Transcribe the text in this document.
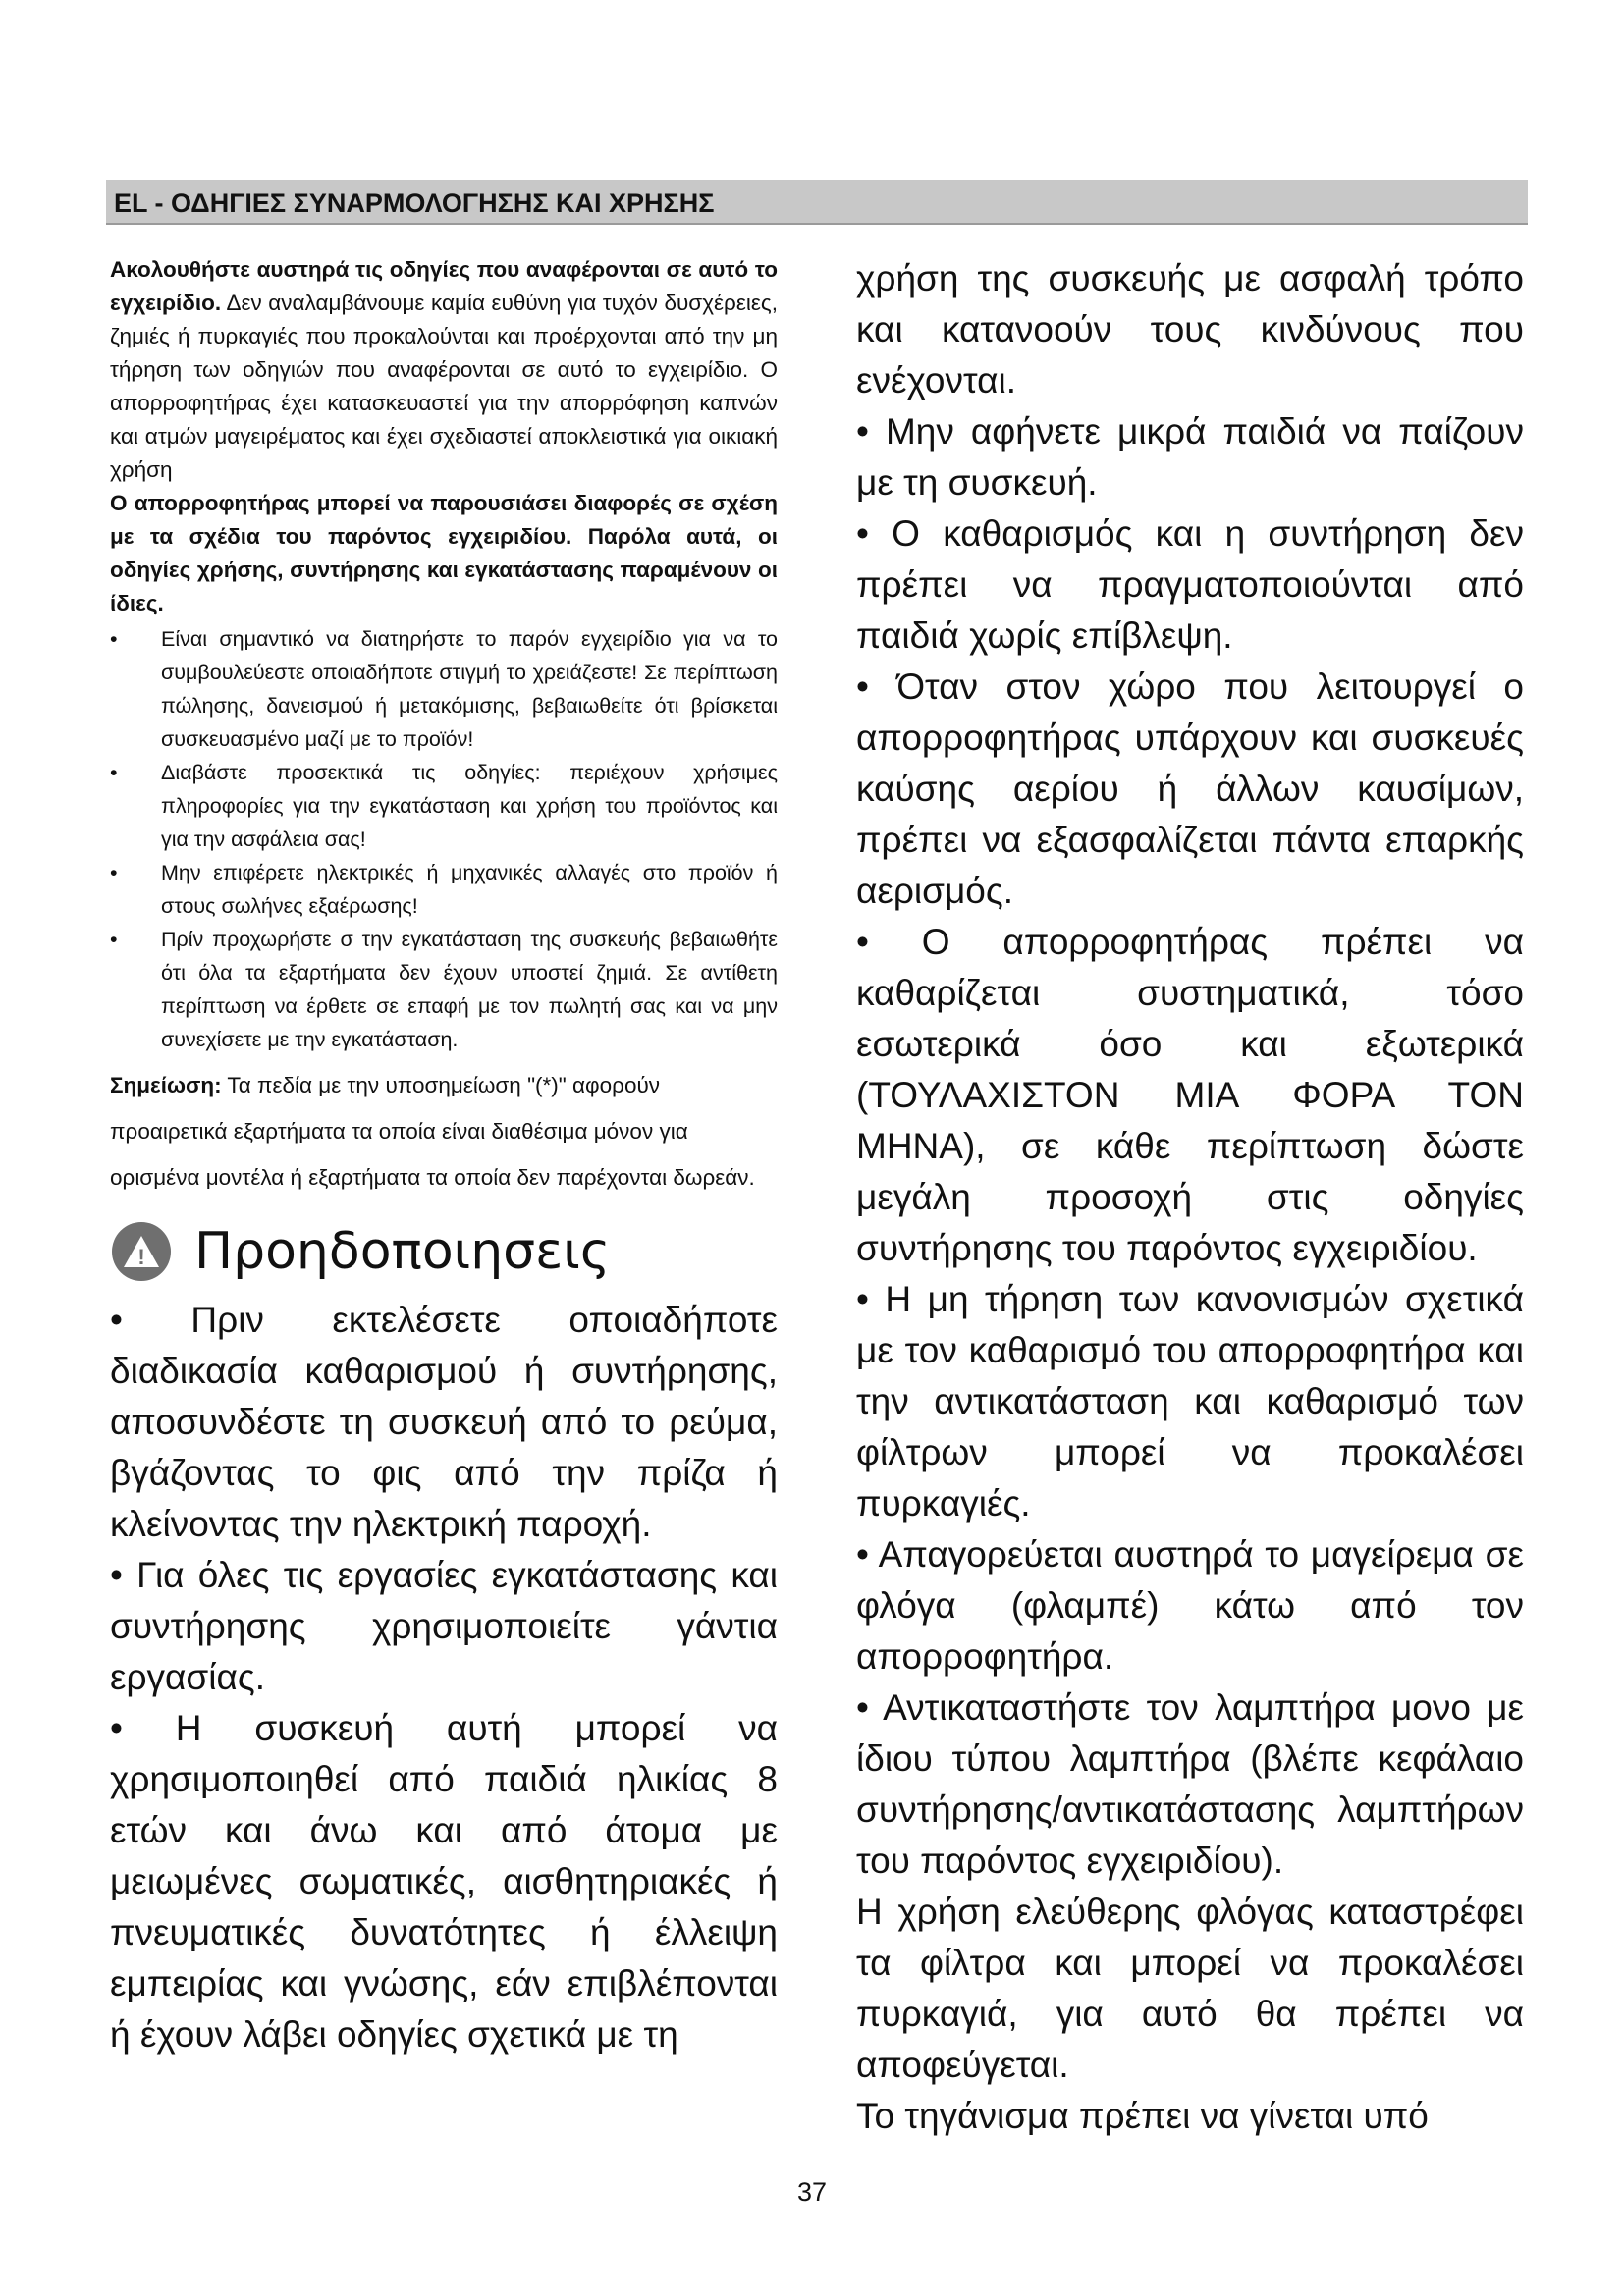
EL - ΟΔΗΓΙΕΣ ΣΥΝΑΡΜΟΛΟΓΗΣΗΣ ΚΑΙ ΧΡΗΣΗΣ

Ακολουθήστε αυστηρά τις οδηγίες που αναφέρονται σε αυτό το εγχειρίδιο. Δεν αναλαμβάνουμε καμία ευθύνη για τυχόν δυσχέρειες, ζημιές ή πυρκαγιές που προκαλούνται και προέρχονται από την μη τήρηση των οδηγιών που αναφέρονται σε αυτό το εγχειρίδιο. Ο απορροφητήρας έχει κατασκευαστεί για την απορρόφηση καπνών και ατμών μαγειρέματος και έχει σχεδιαστεί αποκλειστικά για οικιακή χρήση

Ο απορροφητήρας μπορεί να παρουσιάσει διαφορές σε σχέση με τα σχέδια του παρόντος εγχειριδίου. Παρόλα αυτά, οι οδηγίες χρήσης, συντήρησης και εγκατάστασης παραμένουν οι ίδιες.

• Είναι σημαντικό να διατηρήστε το παρόν εγχειρίδιο για να το συμβουλεύεστε οποιαδήποτε στιγμή το χρειάζεστε! Σε περίπτωση πώλησης, δανεισμού ή μετακόμισης, βεβαιωθείτε ότι βρίσκεται συσκευασμένο μαζί με το προϊόν!
• Διαβάστε προσεκτικά τις οδηγίες: περιέχουν χρήσιμες πληροφορίες για την εγκατάσταση και χρήση του προϊόντος και για την ασφάλεια σας!
• Μην επιφέρετε ηλεκτρικές ή μηχανικές αλλαγές στο προϊόν ή στους σωλήνες εξαέρωσης!
• Πρίν προχωρήστε σ την εγκατάσταση της συσκευής βεβαιωθήτε ότι όλα τα εξαρτήματα δεν έχουν υποστεί ζημιά. Σε αντίθετη περίπτωση να έρθετε σε επαφή με τον πωλητή σας και να μην συνεχίσετε με την εγκατάσταση.

Σημείωση: Τα πεδία με την υποσημείωση "(*)" αφορούν προαιρετικά εξαρτήματα τα οποία είναι διαθέσιμα μόνον για ορισμένα μοντέλα ή εξαρτήματα τα οποία δεν παρέχονται δωρεάν.

! Προηδοποιησεις

• Πριν εκτελέσετε οποιαδήποτε διαδικασία καθαρισμού ή συντήρησης, αποσυνδέστε τη συσκευή από το ρεύμα, βγάζοντας το φις από την πρίζα ή κλείνοντας την ηλεκτρική παροχή.

• Για όλες τις εργασίες εγκατάστασης και συντήρησης χρησιμοποιείτε γάντια εργασίας.

• Η συσκευή αυτή μπορεί να χρησιμοποιηθεί από παιδιά ηλικίας 8 ετών και άνω και από άτομα με μειωμένες σωματικές, αισθητηριακές ή πνευματικές δυνατότητες ή έλλειψη εμπειρίας και γνώσης, εάν επιβλέπονται ή έχουν λάβει οδηγίες σχετικά με τη

χρήση της συσκευής με ασφαλή τρόπο και κατανοούν τους κινδύνους που ενέχονται.

• Μην αφήνετε μικρά παιδιά να παίζουν με τη συσκευή.

• Ο καθαρισμός και η συντήρηση δεν πρέπει να πραγματοποιούνται από παιδιά χωρίς επίβλεψη.

• Όταν στον χώρο που λειτουργεί ο απορροφητήρας υπάρχουν και συσκευές καύσης αερίου ή άλλων καυσίμων, πρέπει να εξασφαλίζεται πάντα επαρκής αερισμός.

• Ο απορροφητήρας πρέπει να καθαρίζεται συστηματικά, τόσο εσωτερικά όσο και εξωτερικά (ΤΟΥΛΑΧΙΣΤΟΝ ΜΙΑ ΦΟΡΑ ΤΟΝ ΜΗΝΑ), σε κάθε περίπτωση δώστε μεγάλη προσοχή στις οδηγίες συντήρησης του παρόντος εγχειριδίου.

• Η μη τήρηση των κανονισμών σχετικά με τον καθαρισμό του απορροφητήρα και την αντικατάσταση και καθαρισμό των φίλτρων μπορεί να προκαλέσει πυρκαγιές.

• Απαγορεύεται αυστηρά το μαγείρεμα σε φλόγα (φλαμπέ) κάτω από τον απορροφητήρα.

• Αντικαταστήστε τον λαμπτήρα μονο με ίδιου τύπου λαμπτήρα (βλέπε κεφάλαιο συντήρησης/αντικατάστασης λαμπτήρων του παρόντος εγχειριδίου).

Η χρήση ελεύθερης φλόγας καταστρέφει τα φίλτρα και μπορεί να προκαλέσει πυρκαγιά, για αυτό θα πρέπει να αποφεύγεται.

Το τηγάνισμα πρέπει να γίνεται υπό

37
